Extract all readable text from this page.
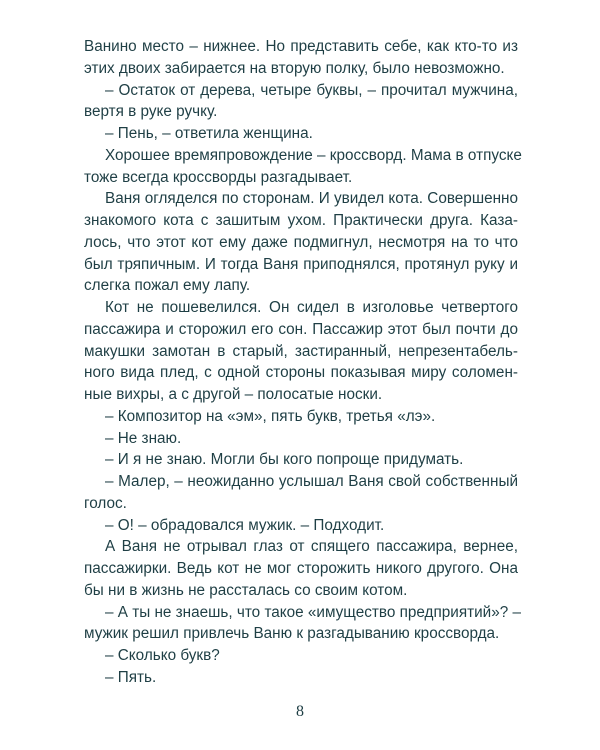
Ванино место – нижнее. Но представить себе, как кто-то из
этих двоих забирается на вторую полку, было невозможно.
– Остаток от дерева, четыре буквы, – прочитал мужчина,
вертя в руке ручку.
– Пень, – ответила женщина.
Хорошее времяпровождение – кроссворд. Мама в отпуске
тоже всегда кроссворды разгадывает.
Ваня огляделся по сторонам. И увидел кота. Совершенно
знакомого кота с зашитым ухом. Практически друга. Каза-
лось, что этот кот ему даже подмигнул, несмотря на то что
был тряпичным. И тогда Ваня приподнялся, протянул руку и
слегка пожал ему лапу.
Кот не пошевелился. Он сидел в изголовье четвертого
пассажира и сторожил его сон. Пассажир этот был почти до
макушки замотан в старый, застиранный, непрезентабель-
ного вида плед, с одной стороны показывая миру соломен-
ные вихры, а с другой – полосатые носки.
– Композитор на «эм», пять букв, третья «лэ».
– Не знаю.
– И я не знаю. Могли бы кого попроще придумать.
– Малер, – неожиданно услышал Ваня свой собственный
голос.
– О! – обрадовался мужик. – Подходит.
А Ваня не отрывал глаз от спящего пассажира, вернее,
пассажирки. Ведь кот не мог сторожить никого другого. Она
бы ни в жизнь не рассталась со своим котом.
– А ты не знаешь, что такое «имущество предприятий»? –
мужик решил привлечь Ваню к разгадыванию кроссворда.
– Сколько букв?
– Пять.
8
